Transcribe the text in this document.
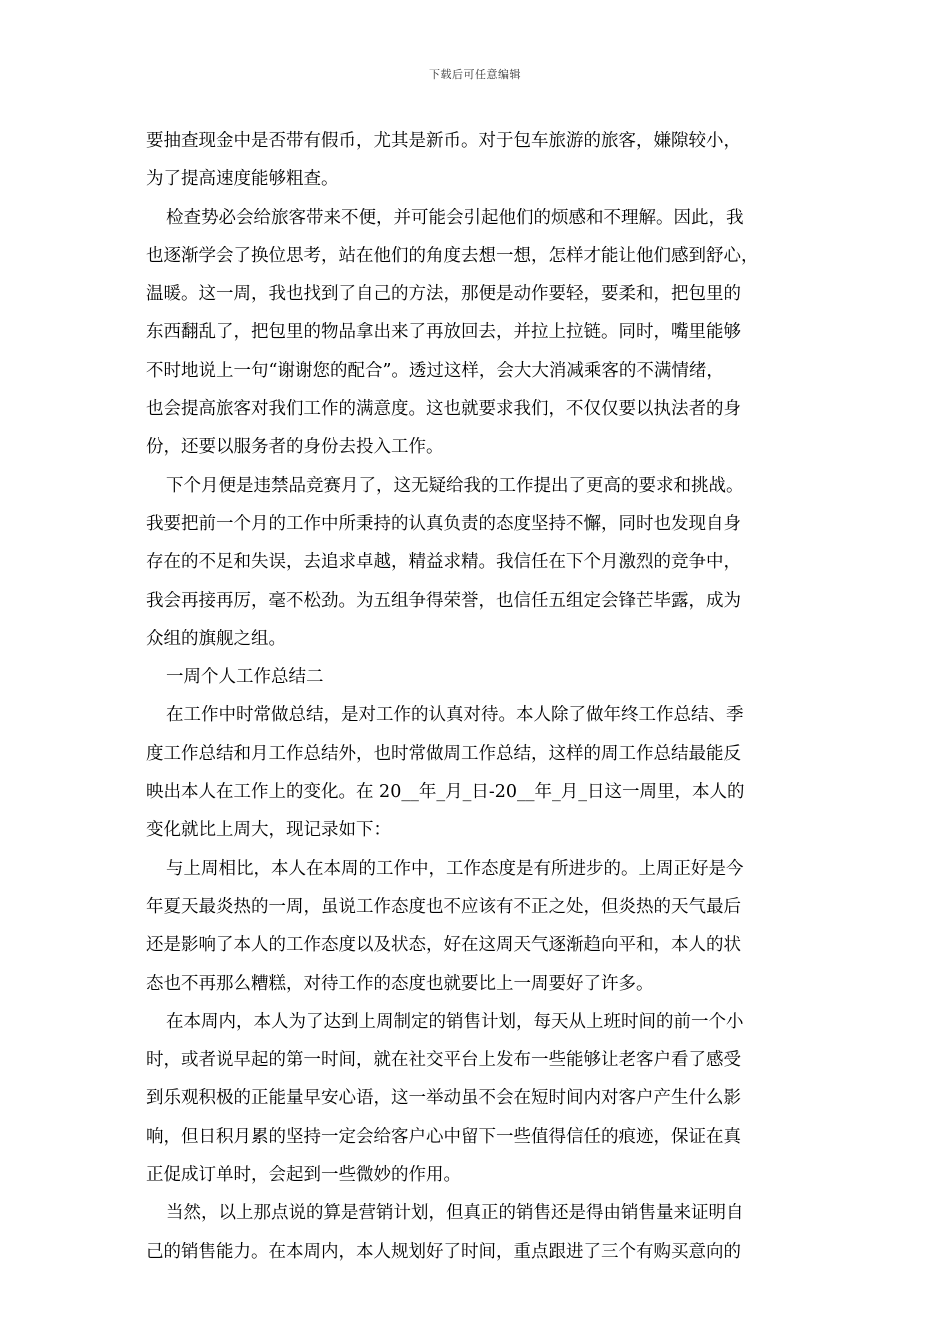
下载后可任意编辑
要抽查现金中是否带有假币，尤其是新币。对于包车旅游的旅客，嫌隙较小，
为了提高速度能够粗查。
检查势必会给旅客带来不便，并可能会引起他们的烦感和不理解。因此，我
也逐渐学会了换位思考，站在他们的角度去想一想，怎样才能让他们感到舒心，
温暖。这一周，我也找到了自己的方法，那便是动作要轻，要柔和，把包里的
东西翻乱了，把包里的物品拿出来了再放回去，并拉上拉链。同时，嘴里能够
不时地说上一句“谢谢您的配合”。透过这样，会大大消减乘客的不满情绪，
也会提高旅客对我们工作的满意度。这也就要求我们，不仅仅要以执法者的身
份，还要以服务者的身份去投入工作。
下个月便是违禁品竞赛月了，这无疑给我的工作提出了更高的要求和挑战。
我要把前一个月的工作中所秉持的认真负责的态度坚持不懈，同时也发现自身
存在的不足和失误，去追求卓越，精益求精。我信任在下个月激烈的竞争中，
我会再接再厉，毫不松劲。为五组争得荣誉，也信任五组定会锋芒毕露，成为
众组的旗舰之组。
一周个人工作总结二
在工作中时常做总结，是对工作的认真对待。本人除了做年终工作总结、季
度工作总结和月工作总结外，也时常做周工作总结，这样的周工作总结最能反
映出本人在工作上的变化。在 20__年_月_日-20__年_月_日这一周里，本人的
变化就比上周大，现记录如下：
与上周相比，本人在本周的工作中，工作态度是有所进步的。上周正好是今
年夏天最炎热的一周，虽说工作态度也不应该有不正之处，但炎热的天气最后
还是影响了本人的工作态度以及状态，好在这周天气逐渐趋向平和，本人的状
态也不再那么糟糕，对待工作的态度也就要比上一周要好了许多。
在本周内，本人为了达到上周制定的销售计划，每天从上班时间的前一个小
时，或者说早起的第一时间，就在社交平台上发布一些能够让老客户看了感受
到乐观积极的正能量早安心语，这一举动虽不会在短时间内对客户产生什么影
响，但日积月累的坚持一定会给客户心中留下一些值得信任的痕迹，保证在真
正促成订单时，会起到一些微妙的作用。
当然，以上那点说的算是营销计划，但真正的销售还是得由销售量来证明自
己的销售能力。在本周内，本人规划好了时间，重点跟进了三个有购买意向的
